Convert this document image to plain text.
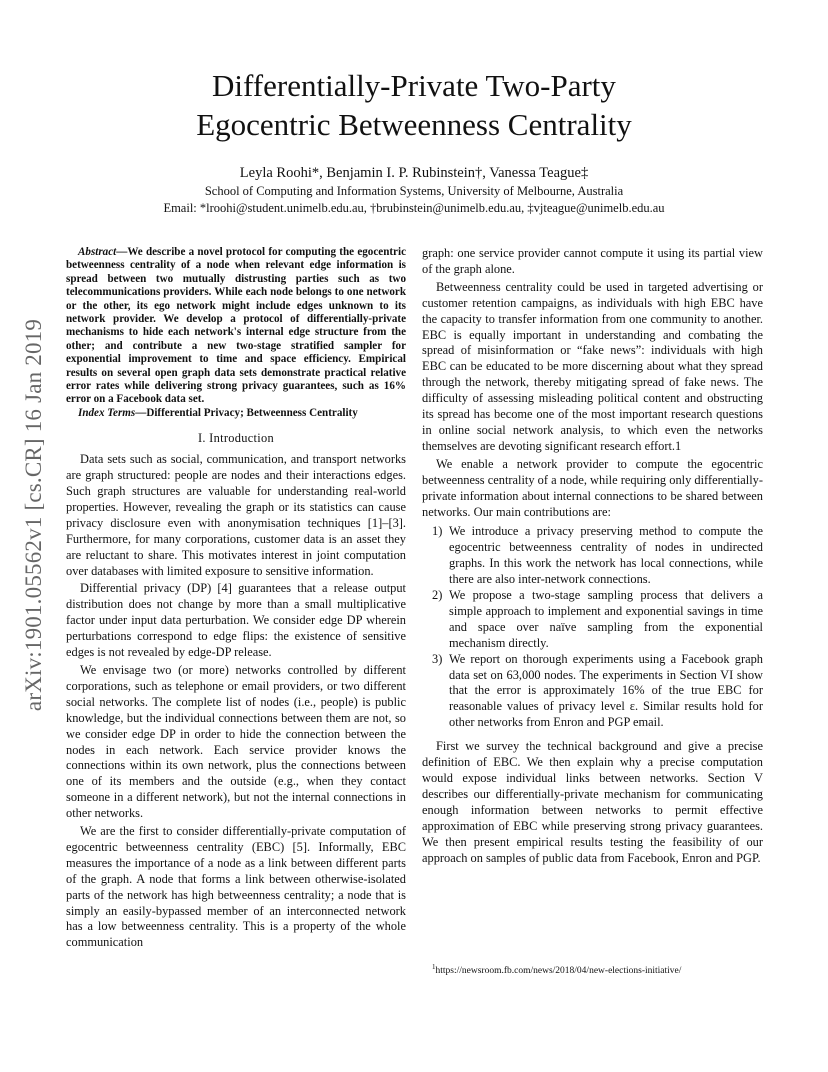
arXiv:1901.05562v1 [cs.CR] 16 Jan 2019
Differentially-Private Two-Party
Egocentric Betweenness Centrality
Leyla Roohi*, Benjamin I. P. Rubinstein†, Vanessa Teague‡
School of Computing and Information Systems, University of Melbourne, Australia
Email: *lroohi@student.unimelb.edu.au, †brubinstein@unimelb.edu.au, ‡vjteague@unimelb.edu.au

Abstract—We describe a novel protocol for computing the egocentric betweenness centrality of a node when relevant edge information is spread between two mutually distrusting parties such as two telecommunications providers. While each node belongs to one network or the other, its ego network might include edges unknown to its network provider. We develop a protocol of differentially-private mechanisms to hide each network's internal edge structure from the other; and contribute a new two-stage stratified sampler for exponential improvement to time and space efficiency. Empirical results on several open graph data sets demonstrate practical relative error rates while delivering strong privacy guarantees, such as 16% error on a Facebook data set.

Index Terms—Differential Privacy; Betweenness Centrality

I. Introduction

Data sets such as social, communication, and transport networks are graph structured: people are nodes and their interactions edges. Such graph structures are valuable for understanding real-world properties. However, revealing the graph or its statistics can cause privacy disclosure even with anonymisation techniques [1]–[3]. Furthermore, for many corporations, customer data is an asset they are reluctant to share. This motivates interest in joint computation over databases with limited exposure to sensitive information.

Differential privacy (DP) [4] guarantees that a release output distribution does not change by more than a small multiplicative factor under input data perturbation. We consider edge DP wherein perturbations correspond to edge flips: the existence of sensitive edges is not revealed by edge-DP release.

We envisage two (or more) networks controlled by different corporations, such as telephone or email providers, or two different social networks. The complete list of nodes (i.e., people) is public knowledge, but the individual connections between them are not, so we consider edge DP in order to hide the connection between the nodes in each network. Each service provider knows the connections within its own network, plus the connections between one of its members and the outside (e.g., when they contact someone in a different network), but not the internal connections in other networks.

We are the first to consider differentially-private computation of egocentric betweenness centrality (EBC) [5]. Informally, EBC measures the importance of a node as a link between different parts of the graph. A node that forms a link between otherwise-isolated parts of the network has high betweenness centrality; a node that is simply an easily-bypassed member of an interconnected network has a low betweenness centrality. This is a property of the whole communication

graph: one service provider cannot compute it using its partial view of the graph alone.

Betweenness centrality could be used in targeted advertising or customer retention campaigns, as individuals with high EBC have the capacity to transfer information from one community to another. EBC is equally important in understanding and combating the spread of misinformation or “fake news”: individuals with high EBC can be educated to be more discerning about what they spread through the network, thereby mitigating spread of fake news. The difficulty of assessing misleading political content and obstructing its spread has become one of the most important research questions in online social network analysis, to which even the networks themselves are devoting significant research effort.1

We enable a network provider to compute the egocentric betweenness centrality of a node, while requiring only differentially-private information about internal connections to be shared between networks. Our main contributions are:

1) We introduce a privacy preserving method to compute the egocentric betweenness centrality of nodes in undirected graphs. In this work the network has local connections, while there are also inter-network connections.
2) We propose a two-stage sampling process that delivers a simple approach to implement and exponential savings in time and space over naïve sampling from the exponential mechanism directly.
3) We report on thorough experiments using a Facebook graph data set on 63,000 nodes. The experiments in Section VI show that the error is approximately 16% of the true EBC for reasonable values of privacy level ε. Similar results hold for other networks from Enron and PGP email.

First we survey the technical background and give a precise definition of EBC. We then explain why a precise computation would expose individual links between networks. Section V describes our differentially-private mechanism for communicating enough information between networks to permit effective approximation of EBC while preserving strong privacy guarantees. We then present empirical results testing the feasibility of our approach on samples of public data from Facebook, Enron and PGP.

$^1$https://newsroom.fb.com/news/2018/04/new-elections-initiative/
